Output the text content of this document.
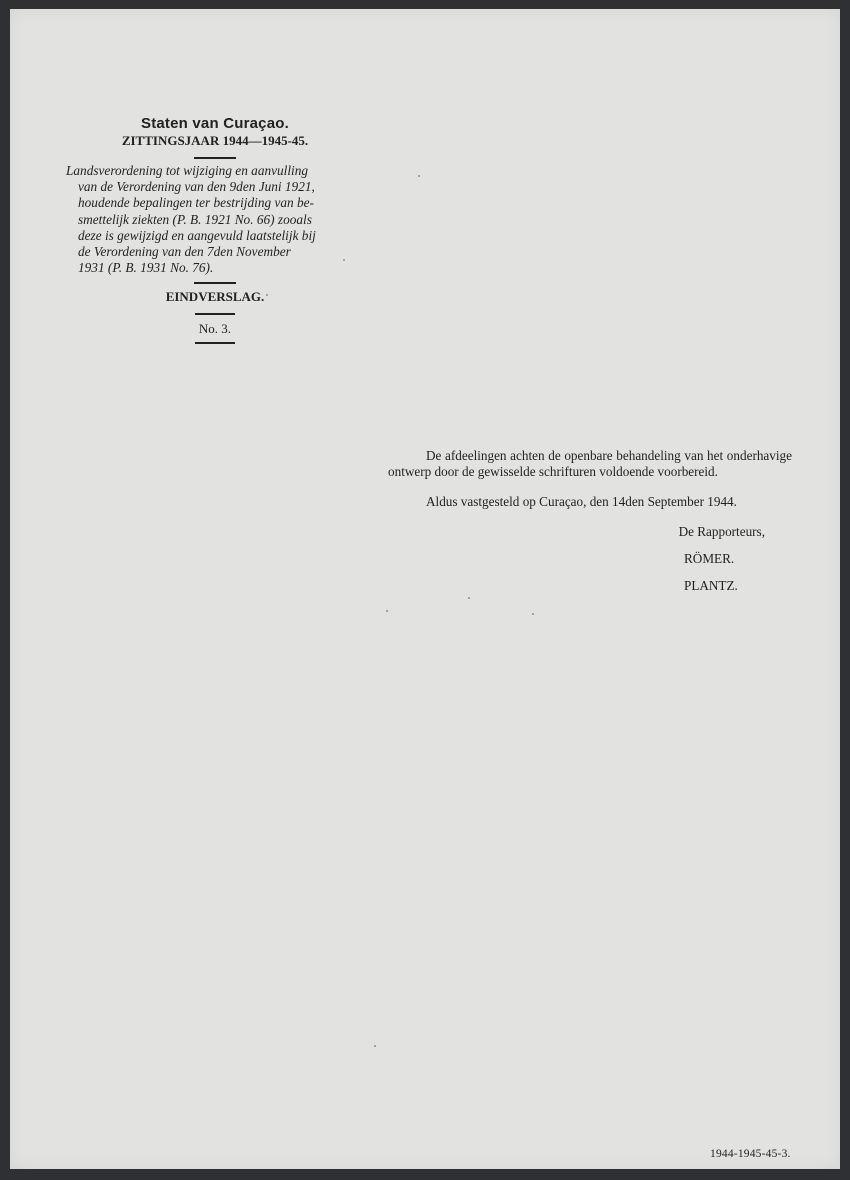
Staten van Curaçao.
ZITTINGSJAAR 1944—1945-45.
Landsverordening tot wijziging en aanvulling
van de Verordening van den 9den Juni 1921,
houdende bepalingen ter bestrijding van be-
smettelijk ziekten (P. B. 1921 No. 66) zooals
deze is gewijzigd en aangevuld laatstelijk bij
de Verordening van den 7den November
1931 (P. B. 1931 No. 76).
EINDVERSLAG.
No. 3.

De afdeelingen achten de openbare behandeling van het onderhavige ontwerp door de gewisselde schrifturen voldoende voorbereid.

Aldus vastgesteld op Curaçao, den 14den September 1944.

De Rapporteurs,
RÖMER.
PLANTZ.
1944-1945-45-3.
